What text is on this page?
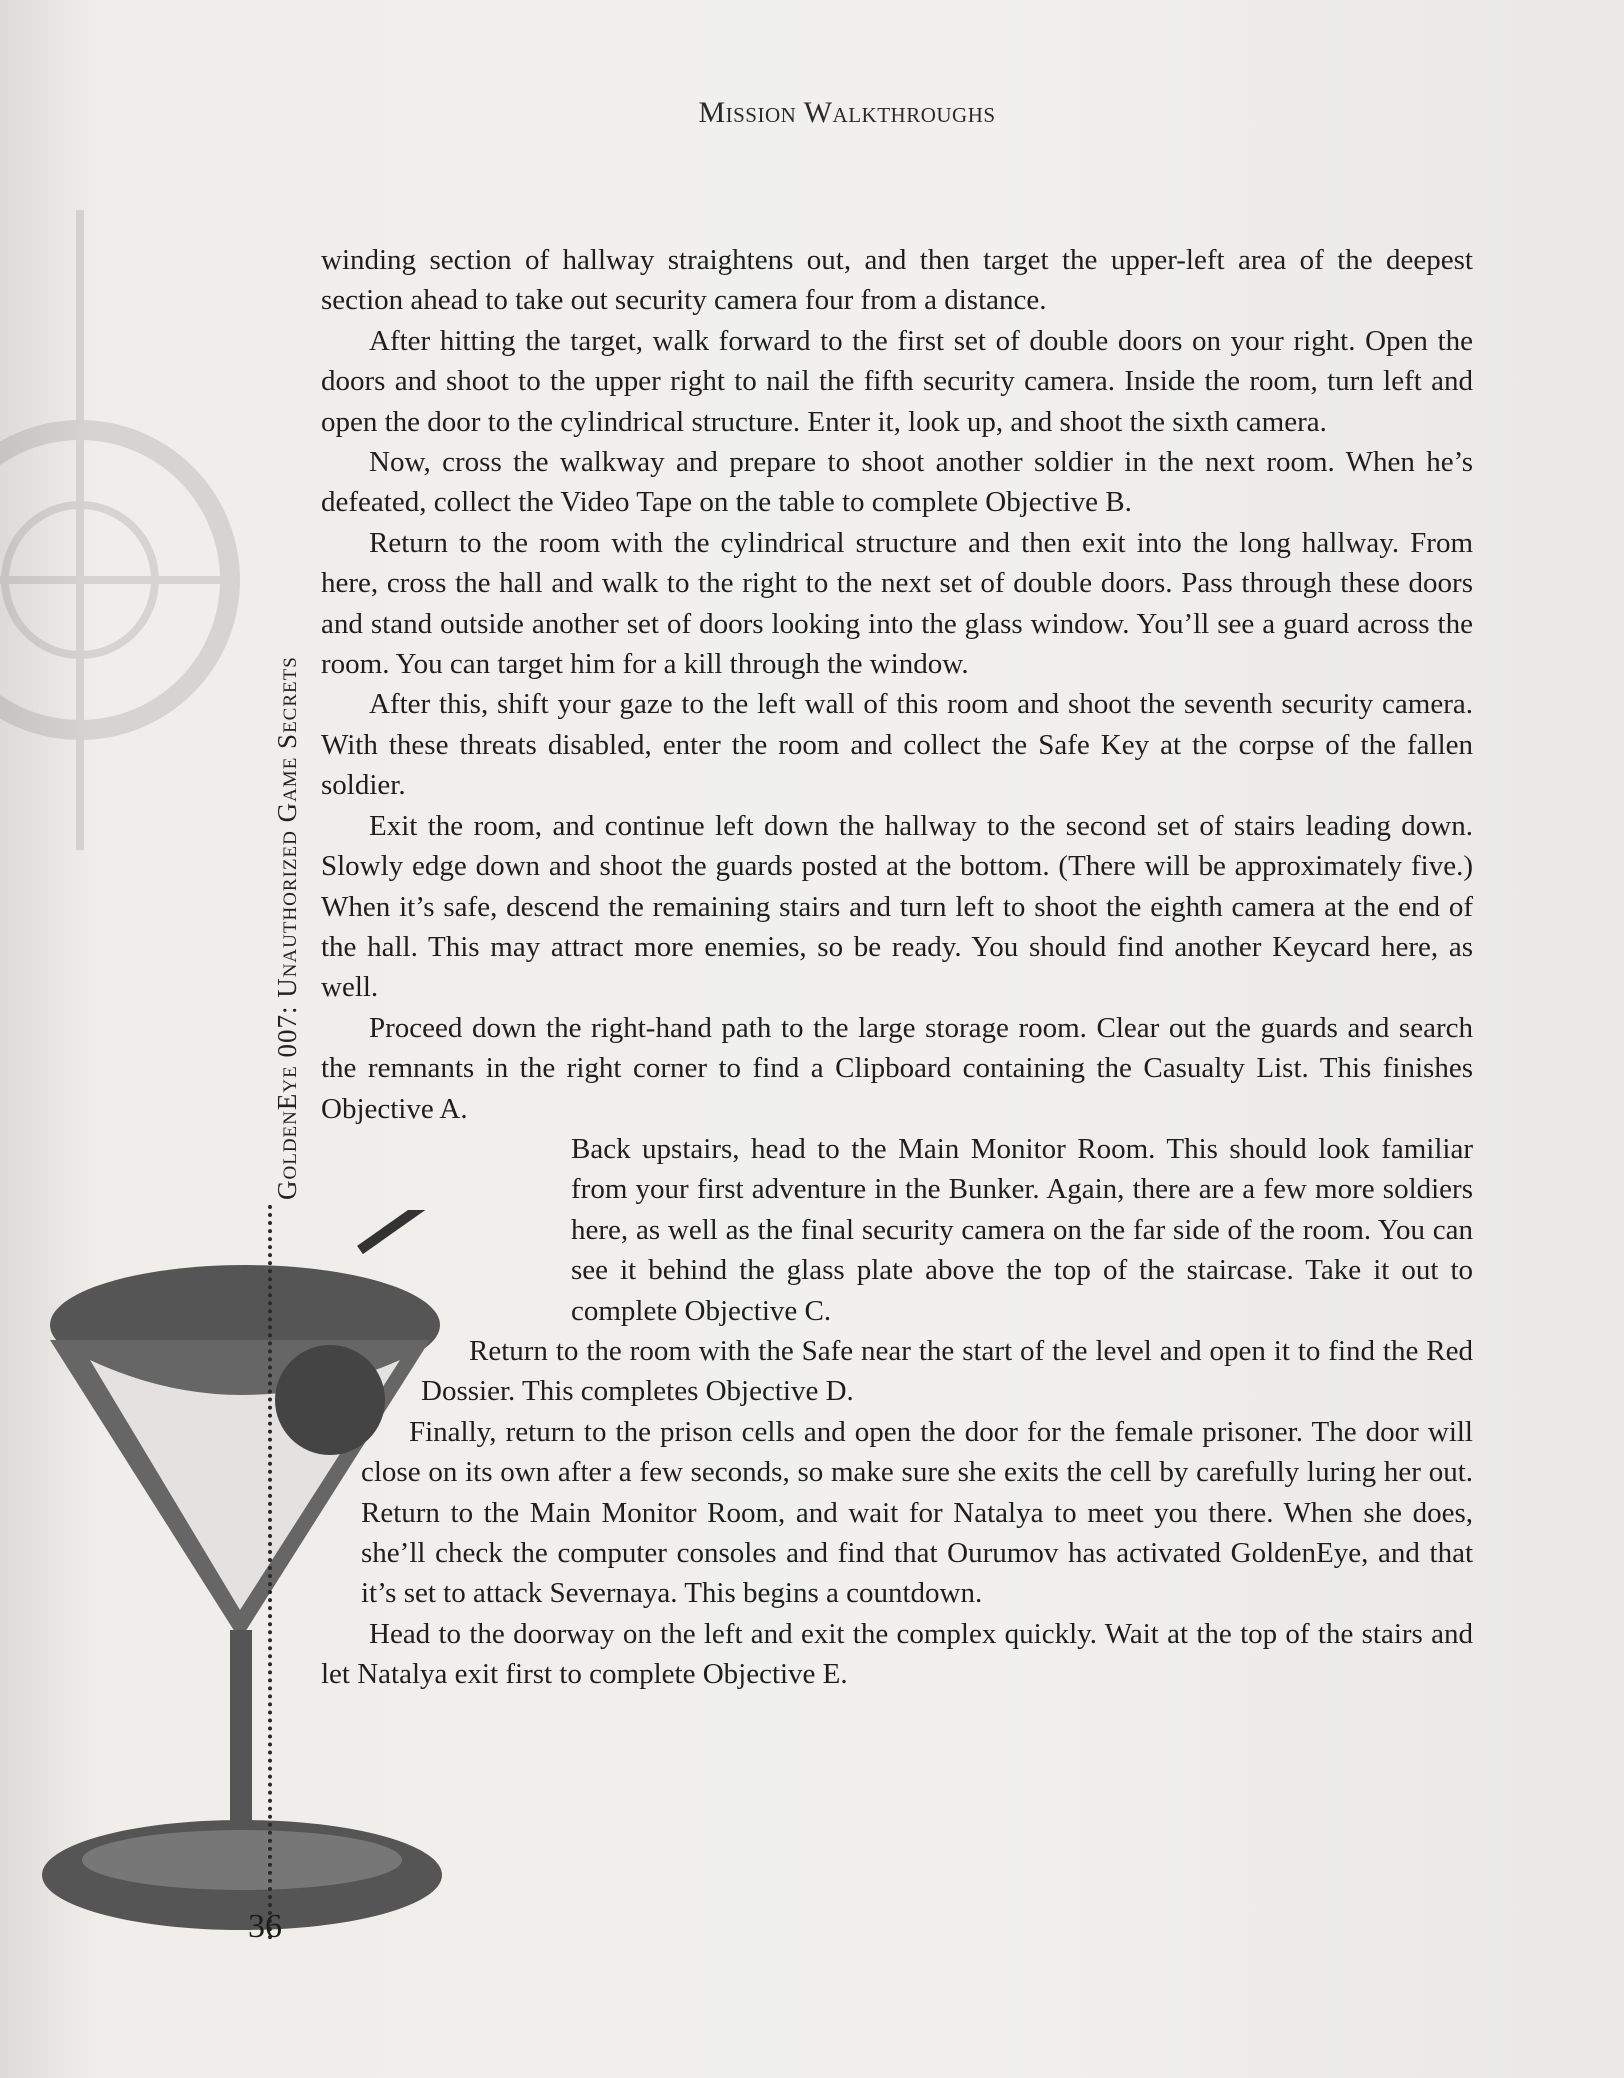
Mission Walkthroughs

winding section of hallway straightens out, and then target the upper-left area of the deepest section ahead to take out security camera four from a distance.

After hitting the target, walk forward to the first set of double doors on your right. Open the doors and shoot to the upper right to nail the fifth security camera. Inside the room, turn left and open the door to the cylindrical structure. Enter it, look up, and shoot the sixth camera.

Now, cross the walkway and prepare to shoot another soldier in the next room. When he’s defeated, collect the Video Tape on the table to complete Objective B.

Return to the room with the cylindrical structure and then exit into the long hallway. From here, cross the hall and walk to the right to the next set of double doors. Pass through these doors and stand outside another set of doors looking into the glass window. You’ll see a guard across the room. You can target him for a kill through the window.

After this, shift your gaze to the left wall of this room and shoot the seventh security camera. With these threats disabled, enter the room and collect the Safe Key at the corpse of the fallen soldier.

Exit the room, and continue left down the hallway to the second set of stairs leading down. Slowly edge down and shoot the guards posted at the bottom. (There will be approximately five.) When it’s safe, descend the remaining stairs and turn left to shoot the eighth camera at the end of the hall. This may attract more enemies, so be ready. You should find another Keycard here, as well.

Proceed down the right-hand path to the large storage room. Clear out the guards and search the remnants in the right corner to find a Clipboard containing the Casualty List. This finishes Objective A.

Back upstairs, head to the Main Monitor Room. This should look familiar from your first adventure in the Bunker. Again, there are a few more soldiers here, as well as the final security camera on the far side of the room. You can see it behind the glass plate above the top of the staircase. Take it out to complete Objective C.

Return to the room with the Safe near the start of the level and open it to find the Red Dossier. This completes Objective D.

Finally, return to the prison cells and open the door for the female prisoner. The door will close on its own after a few seconds, so make sure she exits the cell by carefully luring her out. Return to the Main Monitor Room, and wait for Natalya to meet you there. When she does, she’ll check the computer consoles and find that Ourumov has activated GoldenEye, and that it’s set to attack Severnaya. This begins a countdown.

Head to the doorway on the left and exit the complex quickly. Wait at the top of the stairs and let Natalya exit first to complete Objective E.

GoldenEye 007: Unauthorized Game Secrets
36
